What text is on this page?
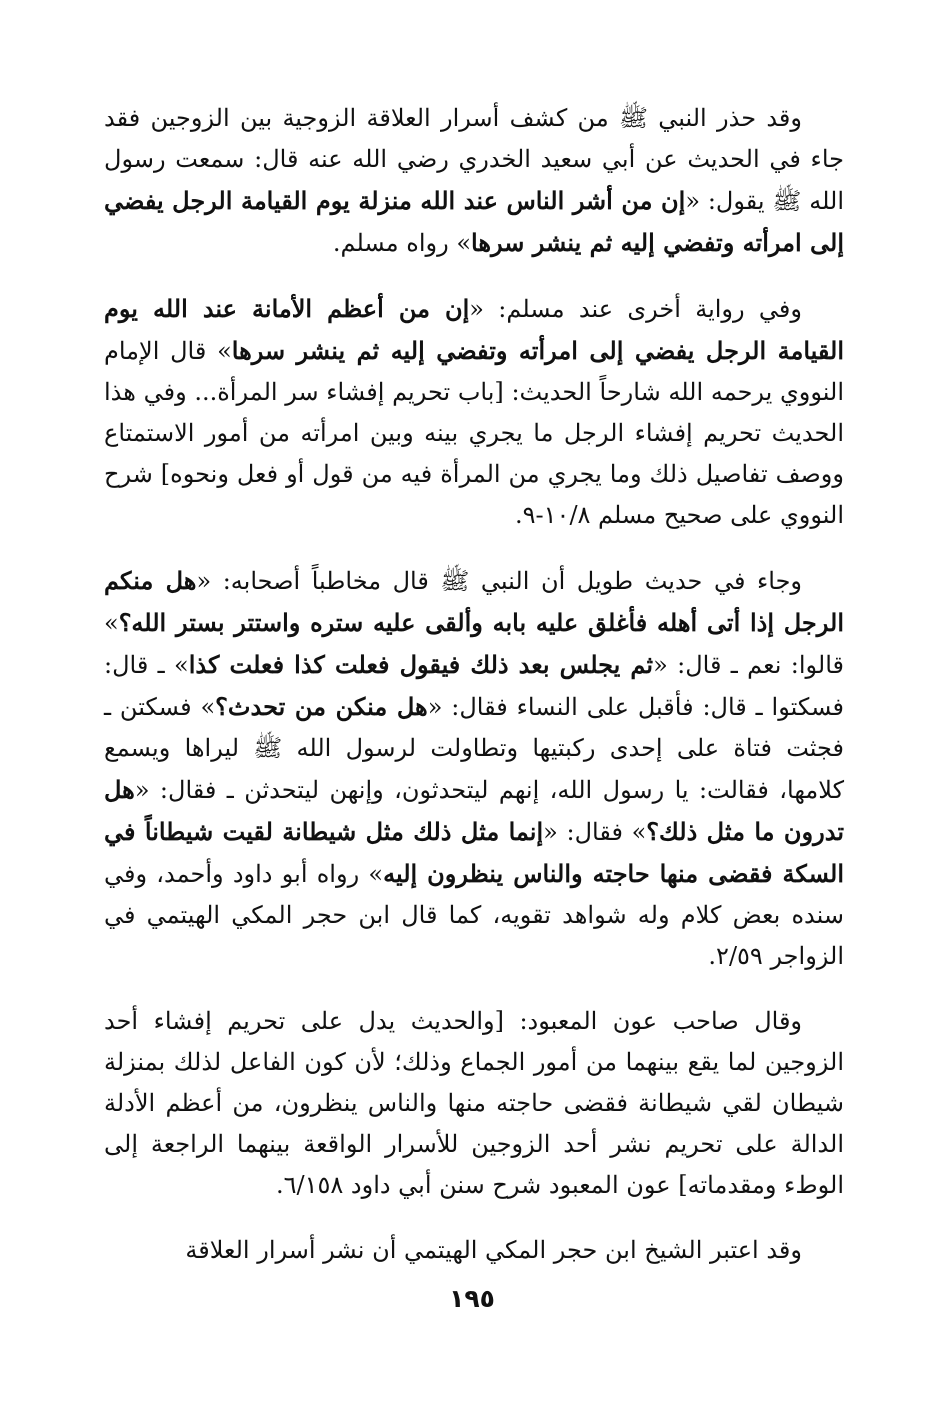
وقد حذر النبي ﷺ من كشف أسرار العلاقة الزوجية بين الزوجين فقد جاء في الحديث عن أبي سعيد الخدري رضي الله عنه قال: سمعت رسول الله ﷺ يقول: «إن من أشر الناس عند الله منزلة يوم القيامة الرجل يفضي إلى امرأته وتفضي إليه ثم ينشر سرها» رواه مسلم.

وفي رواية أخرى عند مسلم: «إن من أعظم الأمانة عند الله يوم القيامة الرجل يفضي إلى امرأته وتفضي إليه ثم ينشر سرها» قال الإمام النووي يرحمه الله شارحاً الحديث: [باب تحريم إفشاء سر المرأة... وفي هذا الحديث تحريم إفشاء الرجل ما يجري بينه وبين امرأته من أمور الاستمتاع ووصف تفاصيل ذلك وما يجري من المرأة فيه من قول أو فعل ونحوه] شرح النووي على صحيح مسلم ١٠/٨-٩.

وجاء في حديث طويل أن النبي ﷺ قال مخاطباً أصحابه: «هل منكم الرجل إذا أتى أهله فأغلق عليه بابه وألقى عليه ستره واستتر بستر الله؟» قالوا: نعم ـ قال: «ثم يجلس بعد ذلك فيقول فعلت كذا فعلت كذا» ـ قال: فسكتوا ـ قال: فأقبل على النساء فقال: «هل منكن من تحدث؟» فسكتن ـ فجثت فتاة على إحدى ركبتيها وتطاولت لرسول الله ﷺ ليراها ويسمع كلامها، فقالت: يا رسول الله، إنهم ليتحدثون، وإنهن ليتحدثن ـ فقال: «هل تدرون ما مثل ذلك؟» فقال: «إنما مثل ذلك مثل شيطانة لقيت شيطاناً في السكة فقضى منها حاجته والناس ينظرون إليه» رواه أبو داود وأحمد، وفي سنده بعض كلام وله شواهد تقويه، كما قال ابن حجر المكي الهيتمي في الزواجر ٢/٥٩.

وقال صاحب عون المعبود: [والحديث يدل على تحريم إفشاء أحد الزوجين لما يقع بينهما من أمور الجماع وذلك؛ لأن كون الفاعل لذلك بمنزلة شيطان لقي شيطانة فقضى حاجته منها والناس ينظرون، من أعظم الأدلة الدالة على تحريم نشر أحد الزوجين للأسرار الواقعة بينهما الراجعة إلى الوطء ومقدماته] عون المعبود شرح سنن أبي داود ٦/١٥٨.

وقد اعتبر الشيخ ابن حجر المكي الهيتمي أن نشر أسرار العلاقة

١٩٥
